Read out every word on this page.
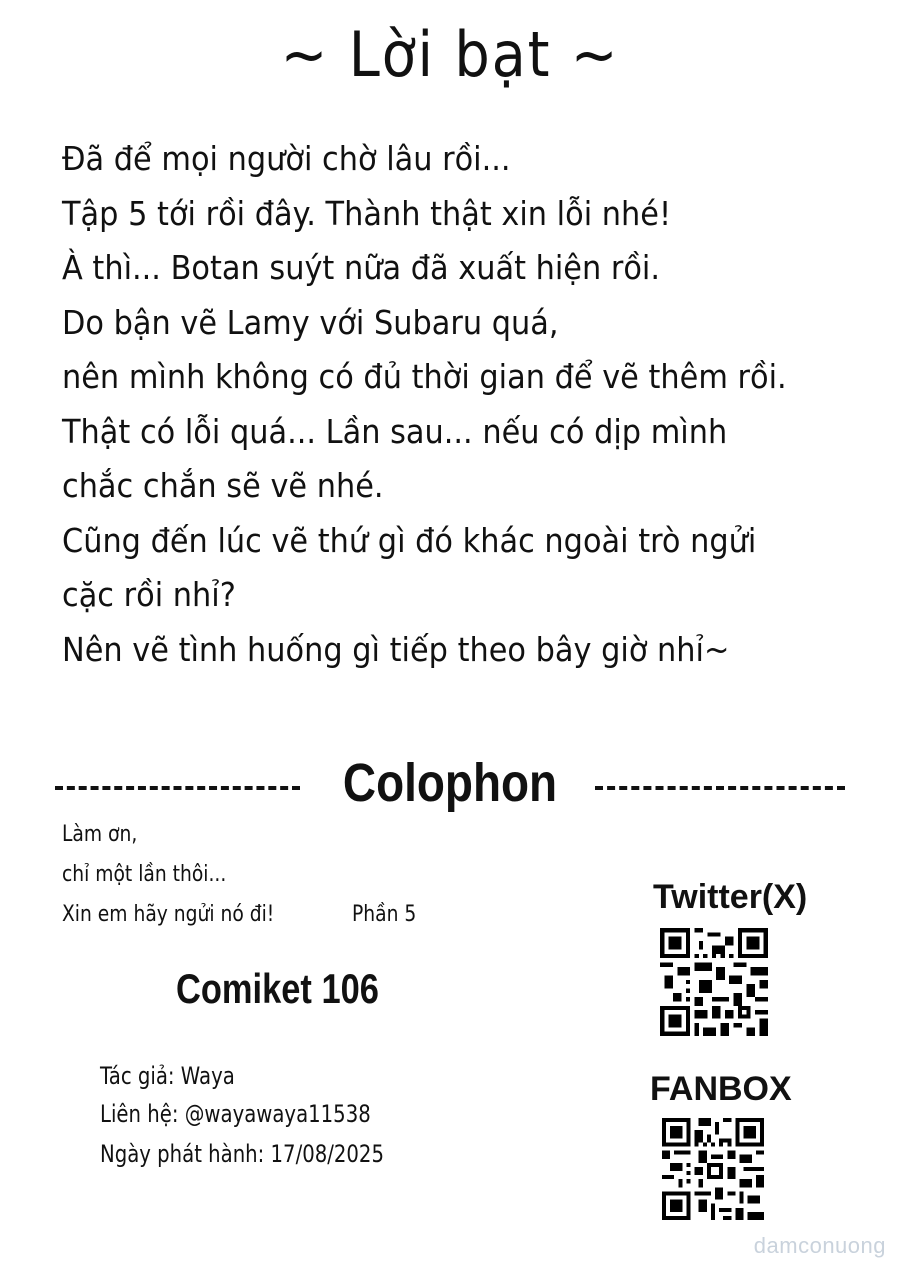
~ Lời bạt ~
Đã để mọi người chờ lâu rồi...
Tập 5 tới rồi đây. Thành thật xin lỗi nhé!
À thì... Botan suýt nữa đã xuất hiện rồi.
Do bận vẽ Lamy với Subaru quá,
nên mình không có đủ thời gian để vẽ thêm rồi.
Thật có lỗi quá... Lần sau... nếu có dịp mình
chắc chắn sẽ vẽ nhé.
Cũng đến lúc vẽ thứ gì đó khác ngoài trò ngửi
cặc rồi nhỉ?
Nên vẽ tình huống gì tiếp theo bây giờ nhỉ~
Colophon
Làm ơn,
chỉ một lần thôi...
Xin em hãy ngửi nó đi!	Phần 5
Comiket 106
Tác giả: Waya
Liên hệ: @wayawaya11538
Ngày phát hành: 17/08/2025
Twitter(X)
FANBOX
damconuong
